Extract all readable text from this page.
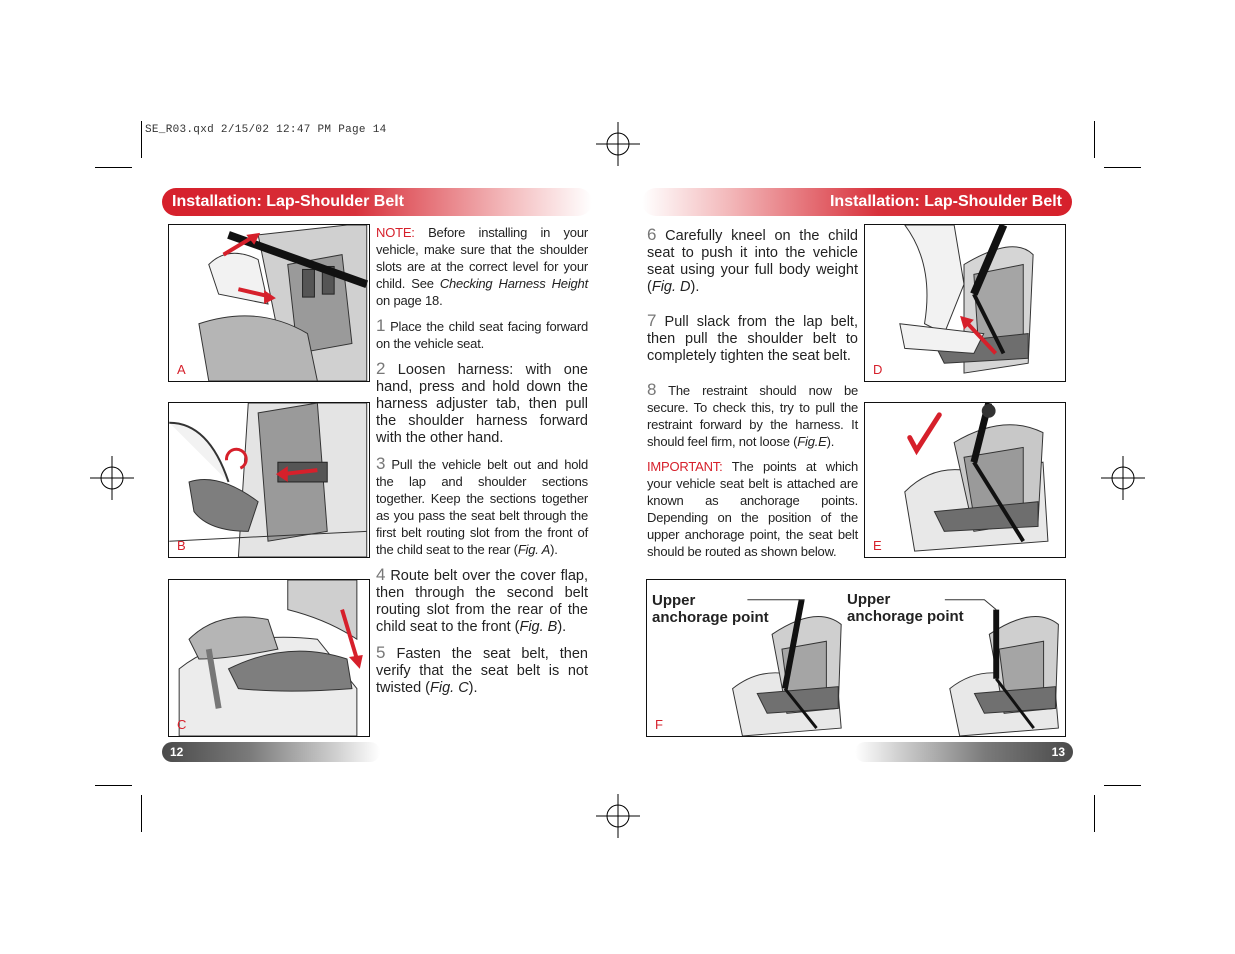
SE_R03.qxd 2/15/02 12:47 PM Page 14
Installation: Lap-Shoulder Belt	Installation: Lap-Shoulder Belt
A
B
C

NOTE: Before installing in your vehicle, make sure that the shoulder slots are at the correct level for your child. See Checking Harness Height on page 18.

1 Place the child seat facing forward on the vehicle seat.

2 Loosen harness: with one hand, press and hold down the harness adjuster tab, then pull the shoulder harness forward with the other hand.

3 Pull the vehicle belt out and hold the lap and shoulder sections together. Keep the sections together as you pass the seat belt through the first belt routing slot from the front of the child seat to the rear (Fig. A).

4 Route belt over the cover flap, then through the second belt routing slot from the rear of the child seat to the front (Fig. B).

5 Fasten the seat belt, then verify that the seat belt is not twisted (Fig. C).

6 Carefully kneel on the child seat to push it into the vehicle seat using your full body weight (Fig. D).

7 Pull slack from the lap belt, then pull the shoulder belt to completely tighten the seat belt.

8 The restraint should now be secure. To check this, try to pull the restraint forward by the harness. It should feel firm, not loose (Fig.E).

IMPORTANT: The points at which your vehicle seat belt is attached are known as anchorage points. Depending on the position of the upper anchorage point, the seat belt should be routed as shown below.

D
E
Upper
anchorage point
Upper
anchorage point
F
12	13
